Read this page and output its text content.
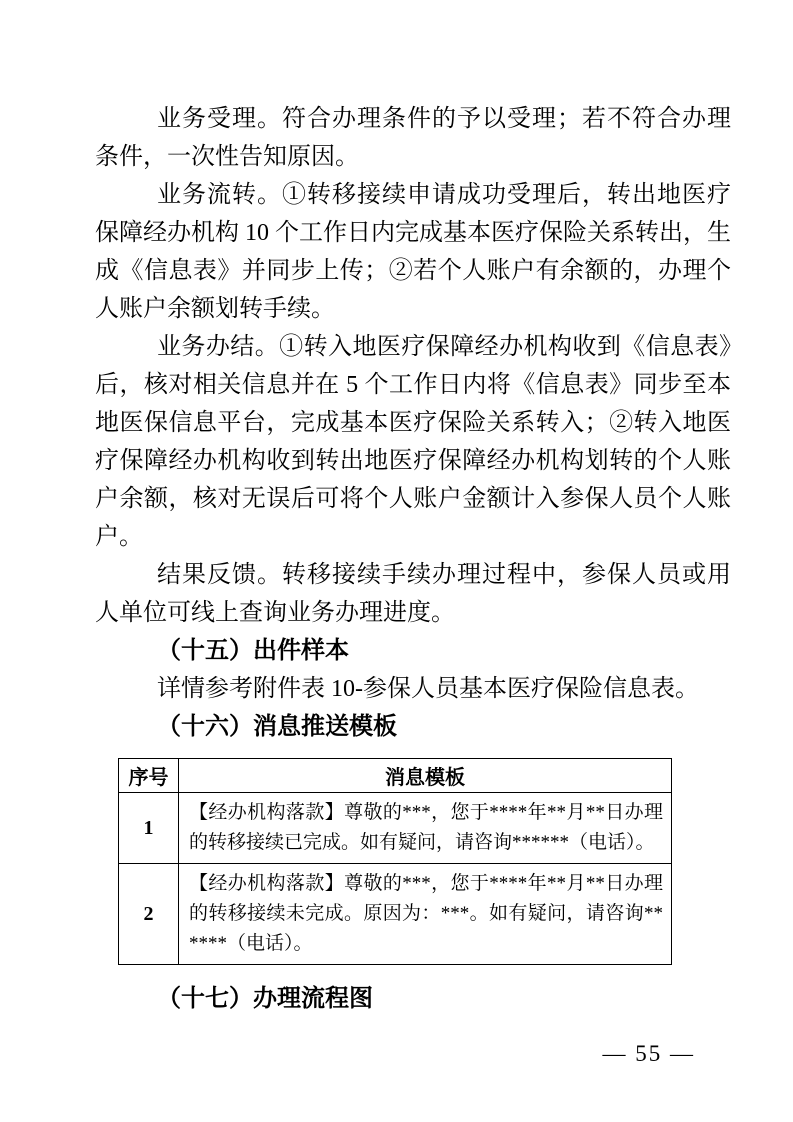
业务受理。符合办理条件的予以受理；若不符合办理条件，一次性告知原因。

业务流转。①转移接续申请成功受理后，转出地医疗保障经办机构 10 个工作日内完成基本医疗保险关系转出，生成《信息表》并同步上传；②若个人账户有余额的，办理个人账户余额划转手续。

业务办结。①转入地医疗保障经办机构收到《信息表》后，核对相关信息并在 5 个工作日内将《信息表》同步至本地医保信息平台，完成基本医疗保险关系转入；②转入地医疗保障经办机构收到转出地医疗保障经办机构划转的个人账户余额，核对无误后可将个人账户金额计入参保人员个人账户。

结果反馈。转移接续手续办理过程中，参保人员或用人单位可线上查询业务办理进度。

（十五）出件样本

详情参考附件表 10-参保人员基本医疗保险信息表。

（十六）消息推送模板

序号	消息模板
1	【经办机构落款】尊敬的***，您于****年**月**日办理的转移接续已完成。如有疑问，请咨询******（电话）。
2	【经办机构落款】尊敬的***，您于****年**月**日办理的转移接续未完成。原因为：***。如有疑问，请咨询******（电话）。

（十七）办理流程图

— 55 —
